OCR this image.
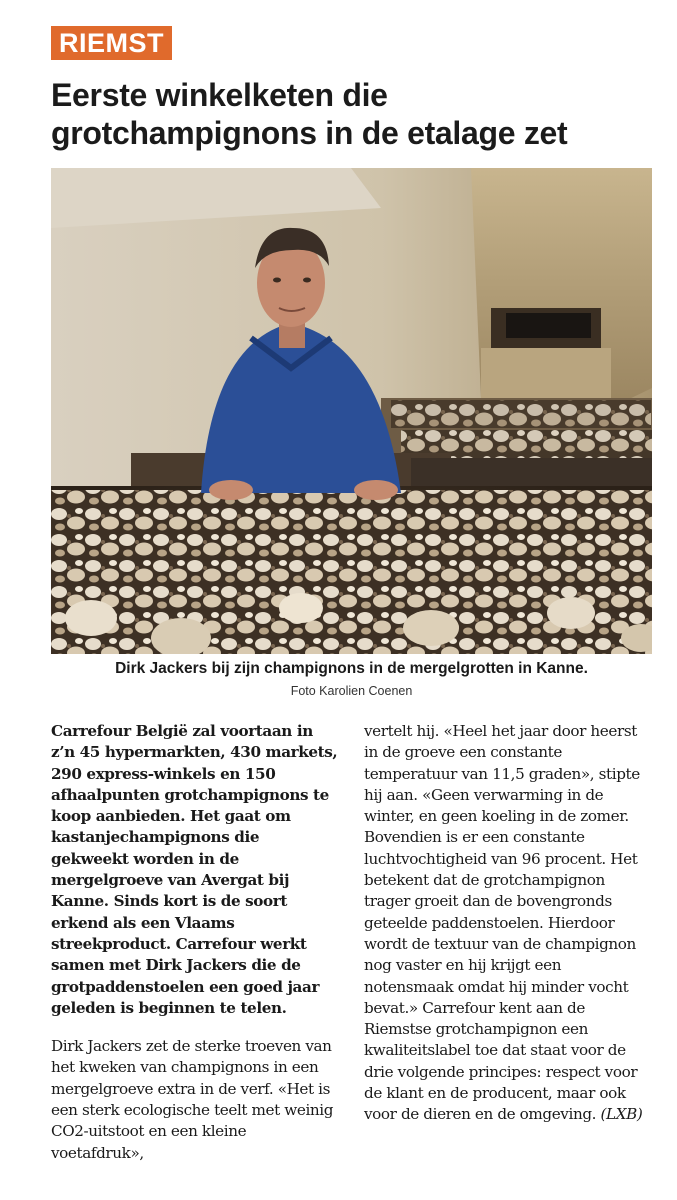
RIEMST
Eerste winkelketen die
grotchampignons in de etalage zet
Dirk Jackers bij zijn champignons in de mergelgrotten in Kanne.
Foto Karolien Coenen

Carrefour België zal voortaan in z’n 45 hypermarkten, 430 markets, 290 express-winkels en 150 afhaalpunten grotchampignons te koop aanbieden. Het gaat om kastanjechampignons die gekweekt worden in de mergelgroeve van Avergat bij Kanne. Sinds kort is de soort erkend als een Vlaams streekproduct. Carrefour werkt samen met Dirk Jackers die de grotpaddenstoelen een goed jaar geleden is beginnen te telen.

Dirk Jackers zet de sterke troeven van het kweken van champignons in een mergelgroeve extra in de verf. «Het is een sterk ecologische teelt met weinig CO2-uitstoot en een kleine voetafdruk»,

vertelt hij. «Heel het jaar door heerst in de groeve een constante temperatuur van 11,5 graden», stipte hij aan. «Geen verwarming in de winter, en geen koeling in de zomer. Bovendien is er een constante luchtvochtigheid van 96 procent. Het betekent dat de grotchampignon trager groeit dan de bovengronds geteelde paddenstoelen. Hierdoor wordt de textuur van de champignon nog vaster en hij krijgt een notensmaak omdat hij minder vocht bevat.» Carrefour kent aan de Riemstse grotchampignon een kwaliteitslabel toe dat staat voor de drie volgende principes: respect voor de klant en de producent, maar ook voor de dieren en de omgeving. (LXB)
